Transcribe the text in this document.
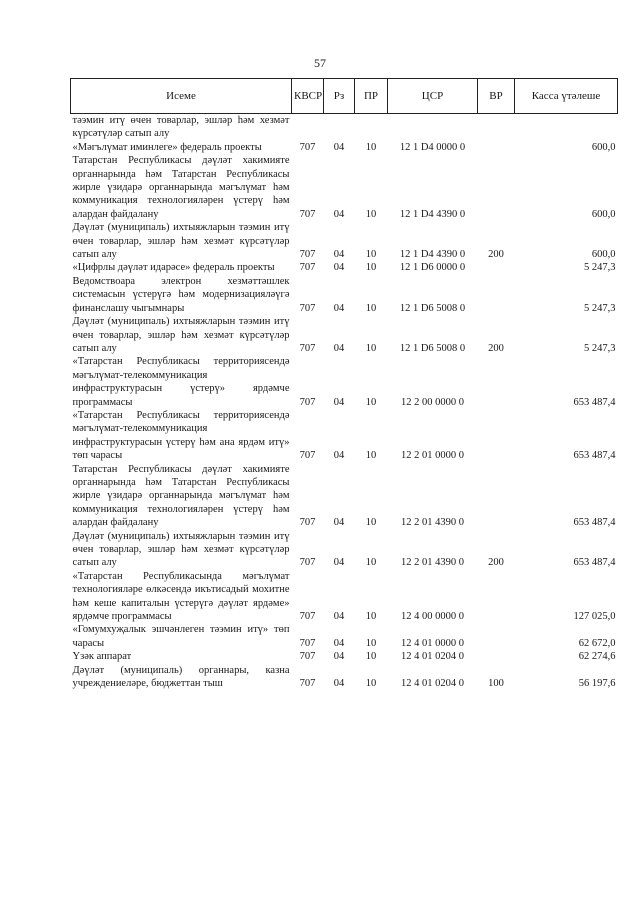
57
Исеме	КВСР	Рз	ПР	ЦСР	ВР	Касса үтәлеше
тәэмин итү өчен товарлар, эшләр һәм хезмәт күрсәтүләр сатып алу						
«Мәгълүмат иминлеге» федераль проекты	707	04	10	12 1 D4 0000 0		600,0
Татарстан Республикасы дәүләт хакимияте органнарында һәм Татарстан Республикасы жирле үзидарә органнарында мәгълүмат һәм коммуникация технологияләрен үстерү һәм алардан файдалану	707	04	10	12 1 D4 4390 0		600,0
Дәүләт (муниципаль) ихтыяжларын тәэмин итү өчен товарлар, эшләр һәм хезмәт күрсәтүләр сатып алу	707	04	10	12 1 D4 4390 0	200	600,0
«Цифрлы дәүләт идарәсе» федераль проекты	707	04	10	12 1 D6 0000 0		5 247,3
Ведомствоара электрон хезмәттәшлек системасын үстерүгә һәм модернизацияләүгә финанслашу чыгымнары	707	04	10	12 1 D6 5008 0		5 247,3
Дәүләт (муниципаль) ихтыяжларын тәэмин итү өчен товарлар, эшләр һәм хезмәт күрсәтүләр сатып алу	707	04	10	12 1 D6 5008 0	200	5 247,3
«Татарстан Республикасы территориясендә мәгълүмат-телекоммуникация инфраструктурасын үстерү» ярдәмче программасы	707	04	10	12 2 00 0000 0		653 487,4
«Татарстан Республикасы территориясендә мәгълүмат-телекоммуникация инфраструктурасын үстерү һәм ана ярдәм итү» төп чарасы	707	04	10	12 2 01 0000 0		653 487,4
Татарстан Республикасы дәүләт хакимияте органнарында һәм Татарстан Республикасы жирле үзидарә органнарында мәгълүмат һәм коммуникация технологияләрен үстерү һәм алардан файдалану	707	04	10	12 2 01 4390 0		653 487,4
Дәүләт (муниципаль) ихтыяжларын тәэмин итү өчен товарлар, эшләр һәм хезмәт күрсәтүләр сатып алу	707	04	10	12 2 01 4390 0	200	653 487,4
«Татарстан Республикасында мәгълүмат технологияләре өлкәсендә икътисадый мохитне һәм кеше капиталын үстерүгә дәүләт ярдәме» ярдәмче программасы	707	04	10	12 4 00 0000 0		127 025,0
«Гомумхуҗалык эшчәнлеген тәэмин итү» төп чарасы	707	04	10	12 4 01 0000 0		62 672,0
Үзәк аппарат	707	04	10	12 4 01 0204 0		62 274,6
Дәүләт (муниципаль) органнары, казна учреждениеләре, бюджеттан тыш	707	04	10	12 4 01 0204 0	100	56 197,6
